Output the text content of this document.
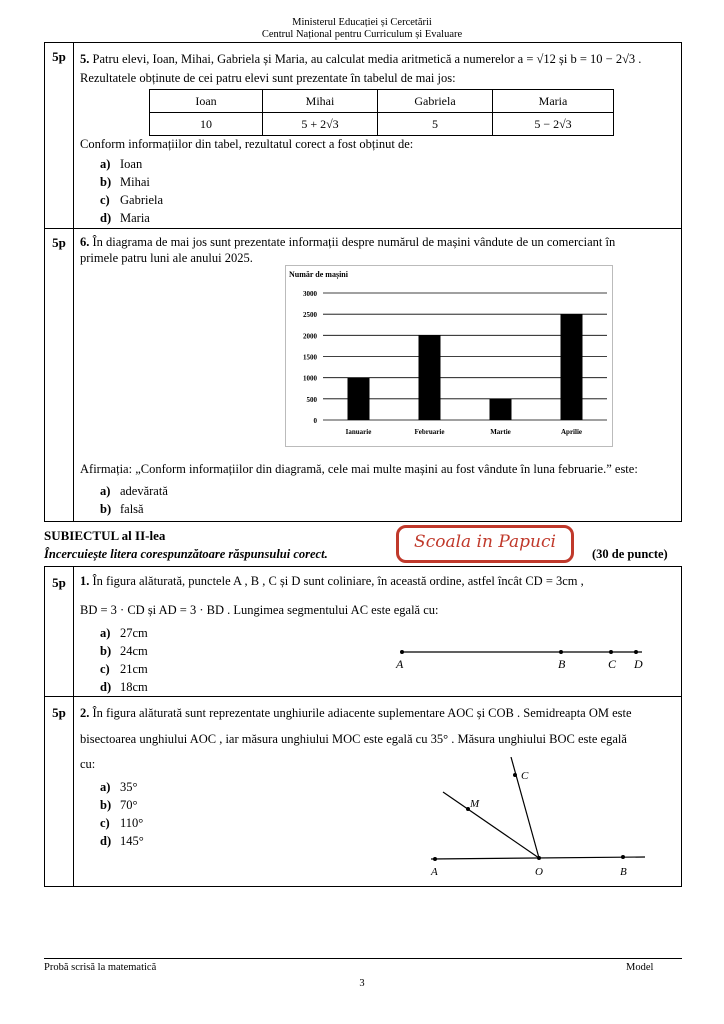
Ministerul Educației și Cercetării
Centrul Național pentru Curriculum și Evaluare
5p	5. Patru elevi, Ioan, Mihai, Gabriela și Maria, au calculat media aritmetică a numerelor a = √12 și b = 10 − 2√3 .
Rezultatele obținute de cei patru elevi sunt prezentate în tabelul de mai jos:
Ioan	Mihai	Gabriela	Maria
10	5 + 2√3	5	5 − 2√3
Conform informațiilor din tabel, rezultatul corect a fost obținut de:
a) Ioan
b) Mihai
c) Gabriela
d) Maria
5p	6. În diagrama de mai jos sunt prezentate informații despre numărul de mașini vândute de un comerciant în
primele patru luni ale anului 2025.
Număr de mașini
0
500
1000
1500
2000
2500
3000
Ianuarie	Februarie	Martie	Aprilie
Afirmația: „Conform informațiilor din diagramă, cele mai multe mașini au fost vândute în luna februarie.” este:
a) adevărată
b) falsă
SUBIECTUL al II-lea
Încercuiește litera corespunzătoare răspunsului corect.	(30 de puncte)
Scoala in Papuci
5p	1. În figura alăturată, punctele A , B , C și D sunt coliniare, în această ordine, astfel încât CD = 3cm ,
BD = 3 · CD și AD = 3 · BD . Lungimea segmentului AC este egală cu:
a) 27cm
b) 24cm
c) 21cm
d) 18cm
A	B	C D
5p	2. În figura alăturată sunt reprezentate unghiurile adiacente suplementare AOC și COB . Semidreapta OM este
bisectoarea unghiului AOC , iar măsura unghiului MOC este egală cu 35° . Măsura unghiului BOC este egală
cu:
a) 35°
b) 70°
c) 110°
d) 145°
A	O	B
C
M
Probă scrisă la matematică	Model
3
